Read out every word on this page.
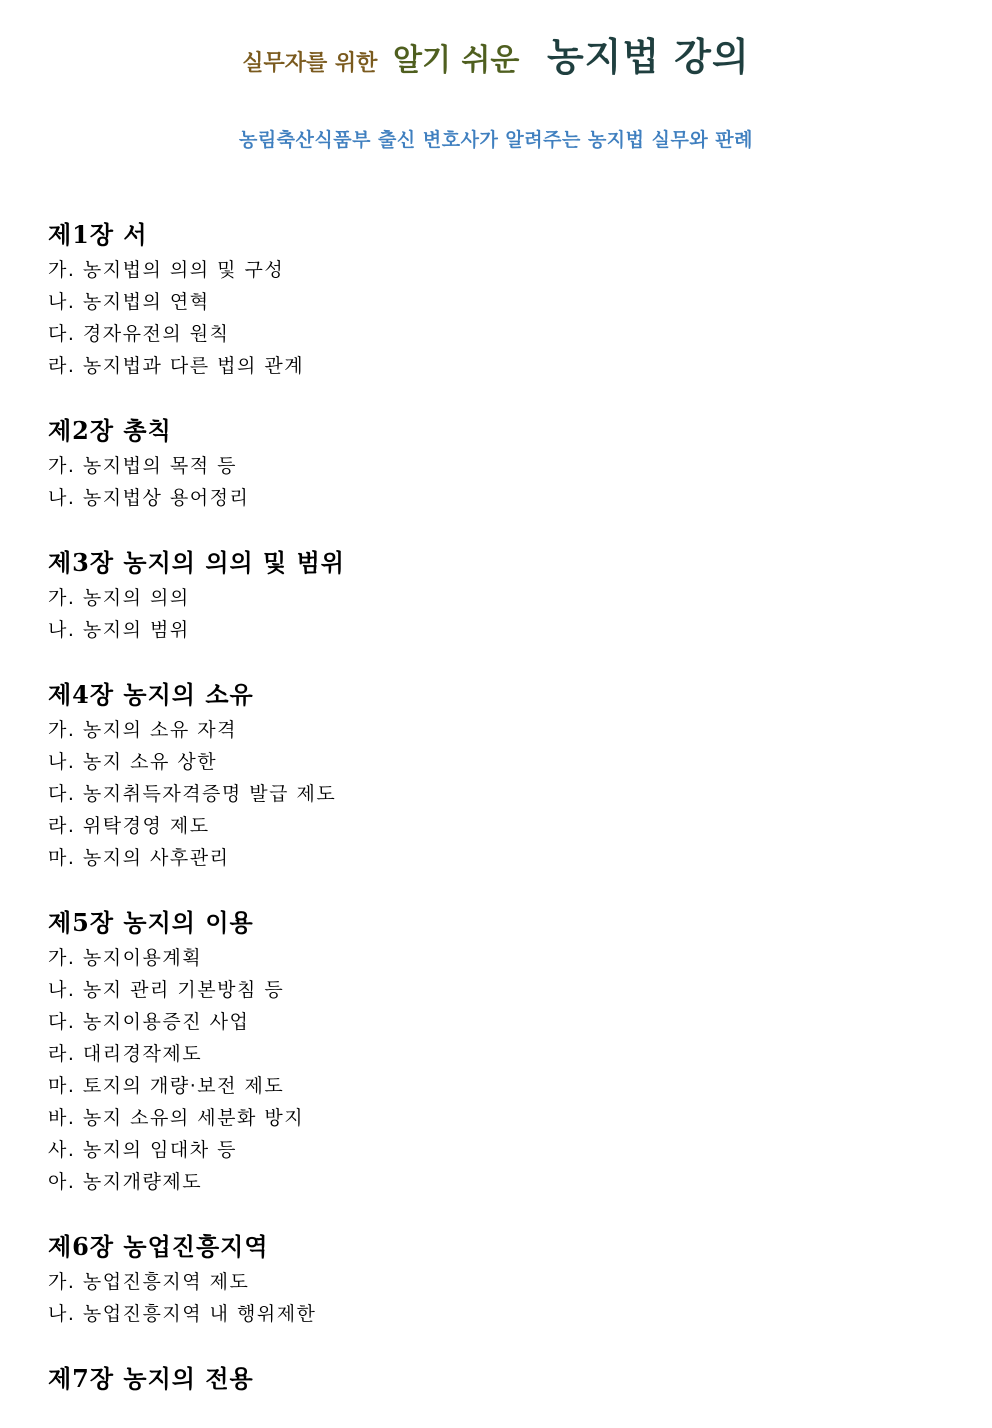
실무자를 위한 알기 쉬운 농지법 강의
농림축산식품부 출신 변호사가 알려주는 농지법 실무와 판례
제1장 서
가. 농지법의 의의 및 구성
나. 농지법의 연혁
다. 경자유전의 원칙
라. 농지법과 다른 법의 관계
제2장 총칙
가. 농지법의 목적 등
나. 농지법상 용어정리
제3장 농지의 의의 및 범위
가. 농지의 의의
나. 농지의 범위
제4장 농지의 소유
가. 농지의 소유 자격
나. 농지 소유 상한
다. 농지취득자격증명 발급 제도
라. 위탁경영 제도
마. 농지의 사후관리
제5장 농지의 이용
가. 농지이용계획
나. 농지 관리 기본방침 등
다. 농지이용증진 사업
라. 대리경작제도
마. 토지의 개량·보전 제도
바. 농지 소유의 세분화 방지
사. 농지의 임대차 등
아. 농지개량제도
제6장 농업진흥지역
가. 농업진흥지역 제도
나. 농업진흥지역 내 행위제한
제7장 농지의 전용
